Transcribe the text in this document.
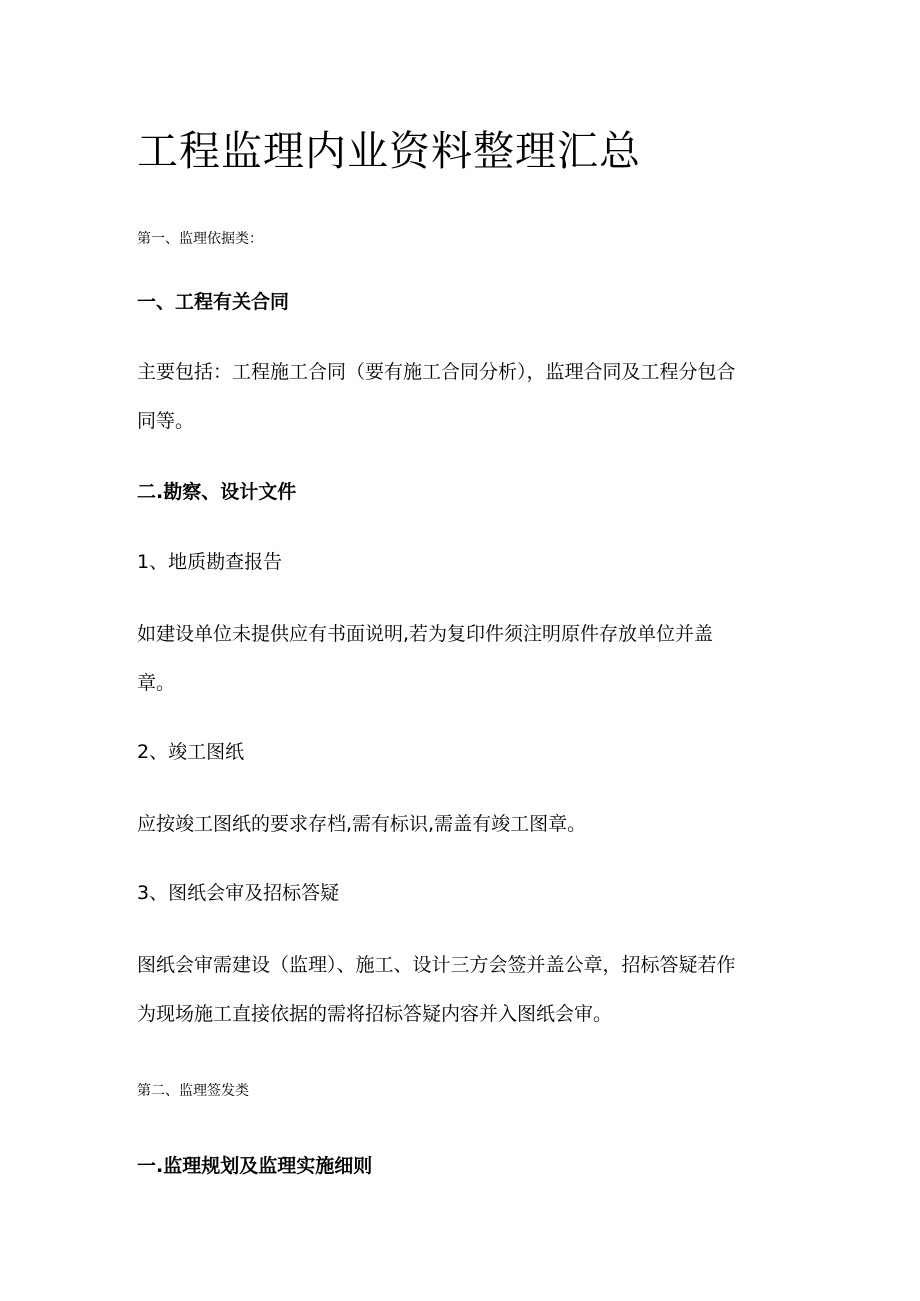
工程监理内业资料整理汇总
第一、监理依据类：
一、工程有关合同
主要包括：工程施工合同（要有施工合同分析），监理合同及工程分包合
同等。
二.勘察、设计文件
1、地质勘查报告
如建设单位未提供应有书面说明,若为复印件须注明原件存放单位并盖
章。
2、竣工图纸
应按竣工图纸的要求存档,需有标识,需盖有竣工图章。
3、图纸会审及招标答疑
图纸会审需建设（监理）、施工、设计三方会签并盖公章，招标答疑若作
为现场施工直接依据的需将招标答疑内容并入图纸会审。
第二、监理签发类
一.监理规划及监理实施细则
